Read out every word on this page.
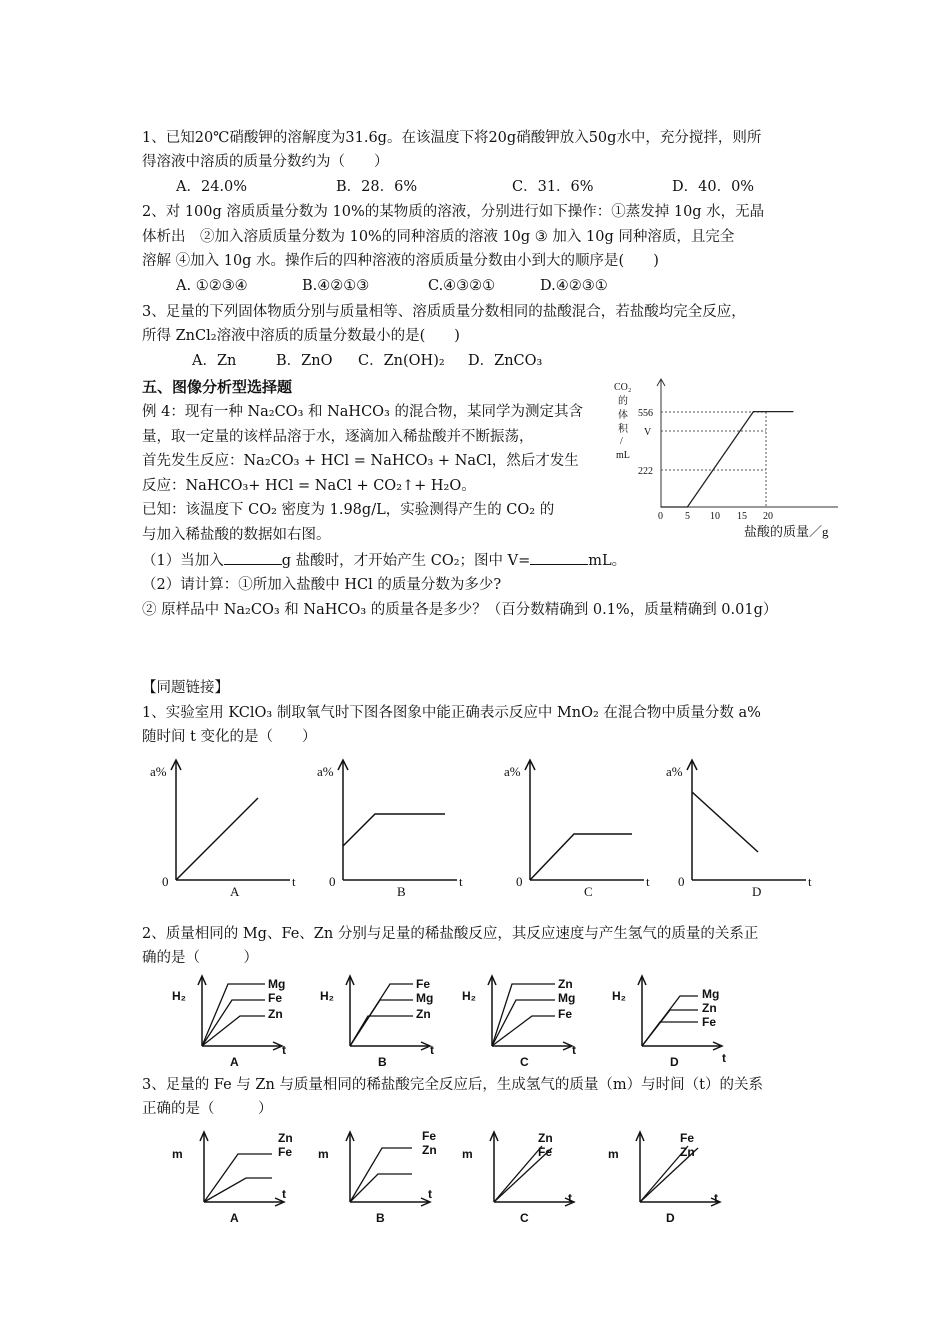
1、已知20℃硝酸钾的溶解度为31.6g。在该温度下将20g硝酸钾放入50g水中，充分搅拌，则所
得溶液中溶质的质量分数约为（　　）
A．24.0%	B．28．6%	C．31．6%	D．40．0%
2、对 100g 溶质质量分数为 10%的某物质的溶液，分别进行如下操作：①蒸发掉 10g 水，无晶
体析出　②加入溶质质量分数为 10%的同种溶质的溶液 10g ③ 加入 10g 同种溶质，且完全
溶解 ④加入 10g 水。操作后的四种溶液的溶质质量分数由小到大的顺序是(　　)
A. ①②③④	B.④②①③	C.④③②①	D.④②③①
3、足量的下列固体物质分别与质量相等、溶质质量分数相同的盐酸混合，若盐酸均完全反应，
所得 ZnCl₂溶液中溶质的质量分数最小的是(　　)
A．Zn	B．ZnO C．Zn(OH)₂ D．ZnCO₃
五、图像分析型选择题
例 4：现有一种 Na₂CO₃ 和 NaHCO₃ 的混合物，某同学为测定其含
量，取一定量的该样品溶于水，逐滴加入稀盐酸并不断振荡，
首先发生反应：Na₂CO₃ + HCl = NaHCO₃ + NaCl，然后才发生
反应：NaHCO₃+ HCl = NaCl + CO₂↑+ H₂O。
已知：该温度下 CO₂ 密度为 1.98g/L，实验测得产生的 CO₂ 的
与加入稀盐酸的数据如右图。
（1）当加入	g 盐酸时，才开始产生 CO₂；图中 V=	mL。
（2）请计算：①所加入盐酸中 HCl 的质量分数为多少?
② 原样品中 Na₂CO₃ 和 NaHCO₃ 的质量各是多少？（百分数精确到 0.1%，质量精确到 0.01g）
CO₂
的
体
积
/
mL
556
V
222
0 5 10 15 20
盐酸的质量／g
【同题链接】
1、实验室用 KClO₃ 制取氧气时下图各图象中能正确表示反应中 MnO₂ 在混合物中质量分数 a%
随时间 t 变化的是（　　）
a%
0	t
A
a%
0	t
B
a%
0	t
C
a%
0	t
D
2、质量相同的 Mg、Fe、Zn 分别与足量的稀盐酸反应，其反应速度与产生氢气的质量的关系正
确的是（　　　）
H₂
t
Mg
Fe
Zn
A
H₂
t
Fe
Mg
Zn
B
H₂
t
Zn
Mg
Fe
C
H₂
t
Mg
Zn
Fe
D
3、足量的 Fe 与 Zn 与质量相同的稀盐酸完全反应后，生成氢气的质量（m）与时间（t）的关系
正确的是（　　　）
m
t
Zn
Fe
A
m
t
Fe
Zn
B
m
t
Zn
Fe
C
m
t
Fe
Zn
D
